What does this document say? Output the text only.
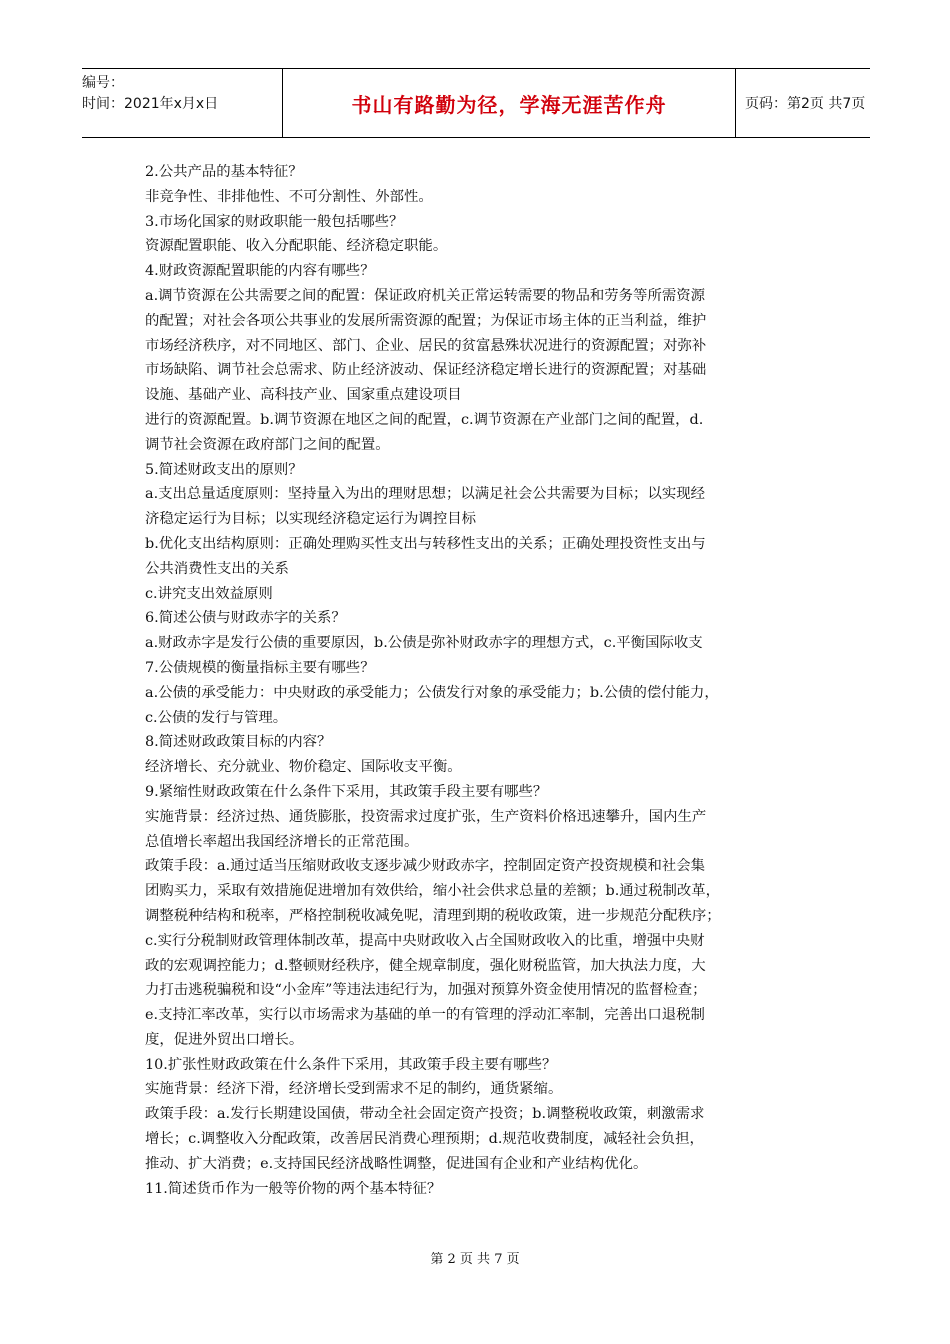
编号：
时间：2021年x月x日	书山有路勤为径，学海无涯苦作舟	页码：第2页 共7页

2.公共产品的基本特征？

非竞争性、非排他性、不可分割性、外部性。

3.市场化国家的财政职能一般包括哪些？

资源配置职能、收入分配职能、经济稳定职能。

4.财政资源配置职能的内容有哪些？

a.调节资源在公共需要之间的配置：保证政府机关正常运转需要的物品和劳务等所需资源

的配置；对社会各项公共事业的发展所需资源的配置；为保证市场主体的正当利益，维护

市场经济秩序，对不同地区、部门、企业、居民的贫富悬殊状况进行的资源配置；对弥补

市场缺陷、调节社会总需求、防止经济波动、保证经济稳定增长进行的资源配置；对基础

设施、基础产业、高科技产业、国家重点建设项目

进行的资源配置。b.调节资源在地区之间的配置，c.调节资源在产业部门之间的配置，d.

调节社会资源在政府部门之间的配置。

5.简述财政支出的原则？

a.支出总量适度原则：坚持量入为出的理财思想；以满足社会公共需要为目标；以实现经

济稳定运行为目标；以实现经济稳定运行为调控目标

b.优化支出结构原则：正确处理购买性支出与转移性支出的关系；正确处理投资性支出与

公共消费性支出的关系

c.讲究支出效益原则

6.简述公债与财政赤字的关系？

a.财政赤字是发行公债的重要原因，b.公债是弥补财政赤字的理想方式，c.平衡国际收支

7.公债规模的衡量指标主要有哪些？

a.公债的承受能力：中央财政的承受能力；公债发行对象的承受能力；b.公债的偿付能力，

c.公债的发行与管理。

8.简述财政政策目标的内容？

经济增长、充分就业、物价稳定、国际收支平衡。

9.紧缩性财政政策在什么条件下采用，其政策手段主要有哪些？

实施背景：经济过热、通货膨胀，投资需求过度扩张，生产资料价格迅速攀升，国内生产

总值增长率超出我国经济增长的正常范围。

政策手段：a.通过适当压缩财政收支逐步减少财政赤字，控制固定资产投资规模和社会集

团购买力，采取有效措施促进增加有效供给，缩小社会供求总量的差额；b.通过税制改革，

调整税种结构和税率，严格控制税收减免呢，清理到期的税收政策，进一步规范分配秩序；

c.实行分税制财政管理体制改革，提高中央财政收入占全国财政收入的比重，增强中央财

政的宏观调控能力；d.整顿财经秩序，健全规章制度，强化财税监管，加大执法力度，大

力打击逃税骗税和设“小金库”等违法违纪行为，加强对预算外资金使用情况的监督检查；

e.支持汇率改革，实行以市场需求为基础的单一的有管理的浮动汇率制，完善出口退税制

度，促进外贸出口增长。

10.扩张性财政政策在什么条件下采用，其政策手段主要有哪些？

实施背景：经济下滑，经济增长受到需求不足的制约，通货紧缩。

政策手段：a.发行长期建设国债，带动全社会固定资产投资；b.调整税收政策，刺激需求

增长；c.调整收入分配政策，改善居民消费心理预期；d.规范收费制度，减轻社会负担，

推动、扩大消费；e.支持国民经济战略性调整，促进国有企业和产业结构优化。

11.简述货币作为一般等价物的两个基本特征？

第 2 页 共 7 页
